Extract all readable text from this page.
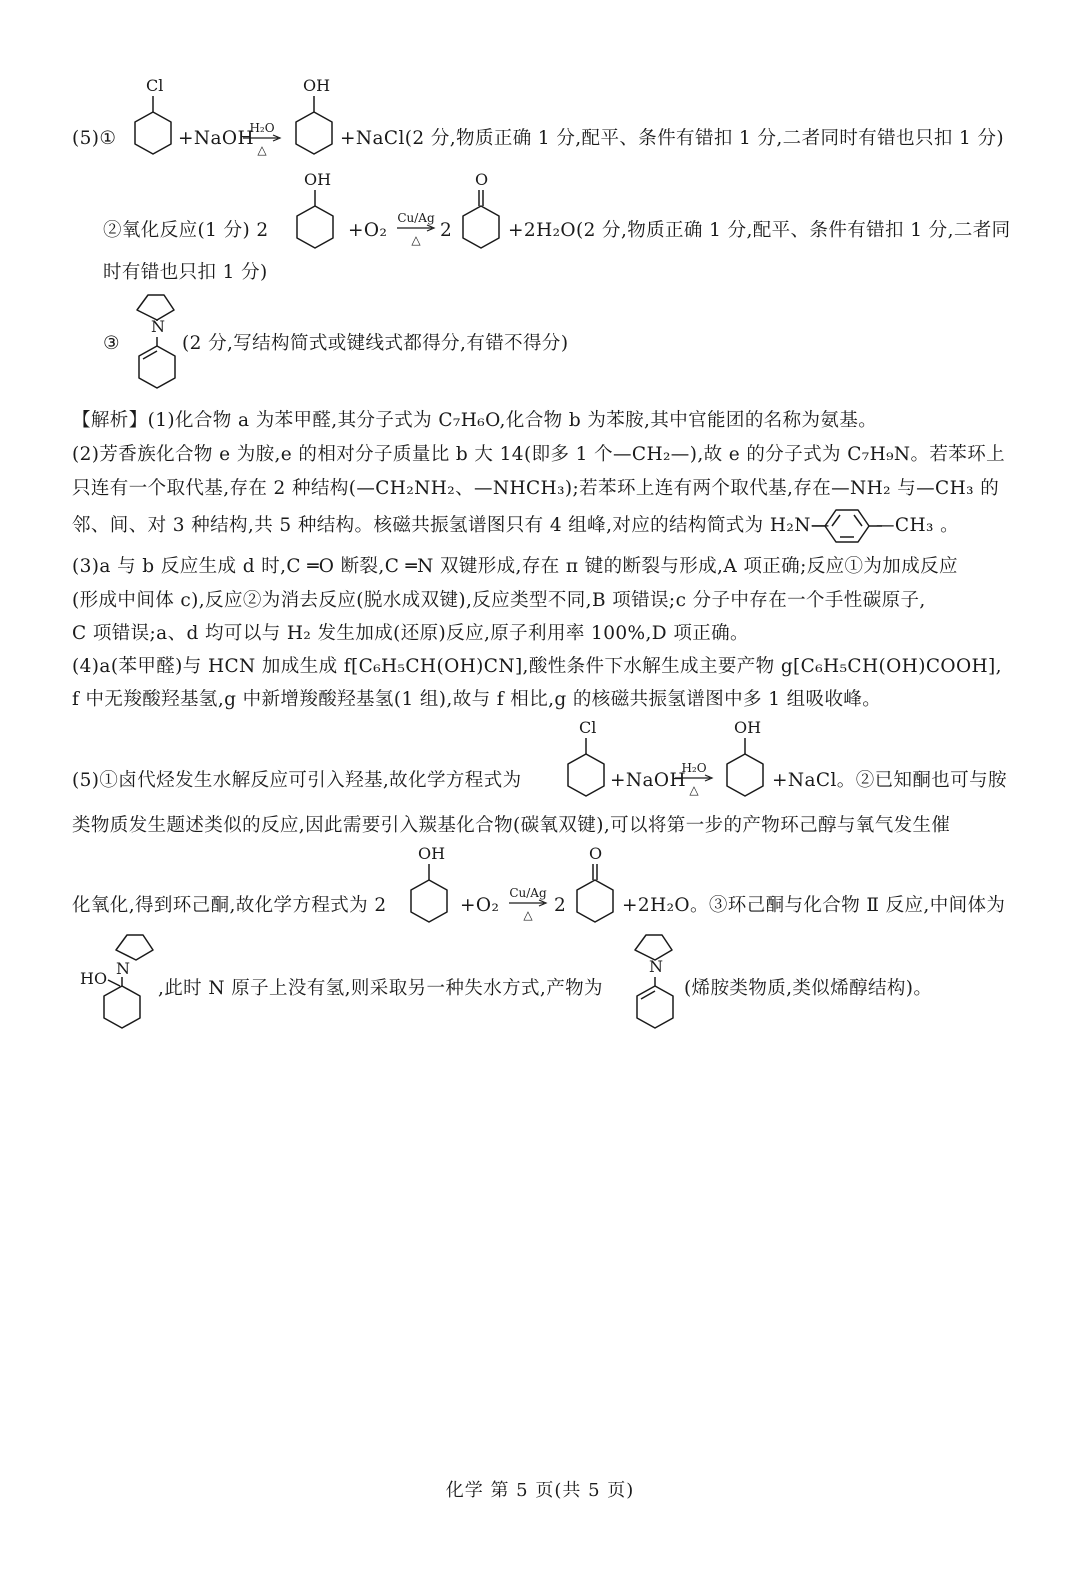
(5)①
Cl
+NaOH
H₂O
△
OH
+NaCl(2 分,物质正确 1 分,配平、条件有错扣 1 分,二者同时有错也只扣 1 分)
②氧化反应(1 分) 2
OH
+O₂
Cu/Ag
△	2
O
+2H₂O(2 分,物质正确 1 分,配平、条件有错扣 1 分,二者同
时有错也只扣 1 分)
③
N
(2 分,写结构简式或键线式都得分,有错不得分)
【解析】(1)化合物 a 为苯甲醛,其分子式为 C₇H₆O,化合物 b 为苯胺,其中官能团的名称为氨基。
(2)芳香族化合物 e 为胺,e 的相对分子质量比 b 大 14(即多 1 个—CH₂—),故 e 的分子式为 C₇H₉N。若苯环上
只连有一个取代基,存在 2 种结构(—CH₂NH₂、—NHCH₃);若苯环上连有两个取代基,存在—NH₂ 与—CH₃ 的
邻、间、对 3 种结构,共 5 种结构。核磁共振氢谱图只有 4 组峰,对应的结构简式为 H₂N—	—CH₃ 。
(3)a 与 b 反应生成 d 时,C ═O 断裂,C ═N 双键形成,存在 π 键的断裂与形成,A 项正确;反应①为加成反应
(形成中间体 c),反应②为消去反应(脱水成双键),反应类型不同,B 项错误;c 分子中存在一个手性碳原子,
C 项错误;a、d 均可以与 H₂ 发生加成(还原)反应,原子利用率 100%,D 项正确。
(4)a(苯甲醛)与 HCN 加成生成 f[C₆H₅CH(OH)CN],酸性条件下水解生成主要产物 g[C₆H₅CH(OH)COOH],
f 中无羧酸羟基氢,g 中新增羧酸羟基氢(1 组),故与 f 相比,g 的核磁共振氢谱图中多 1 组吸收峰。
(5)①卤代烃发生水解反应可引入羟基,故化学方程式为
Cl
+NaOH
H₂O
△
OH
+NaCl。②已知酮也可与胺
类物质发生题述类似的反应,因此需要引入羰基化合物(碳氧双键),可以将第一步的产物环己醇与氧气发生催
化氧化,得到环己酮,故化学方程式为 2
OH
+O₂
Cu/Ag
△	2
O
+2H₂O。③环己酮与化合物 Ⅱ 反应,中间体为
N
HO	,此时 N 原子上没有氢,则采取另一种失水方式,产物为
N
(烯胺类物质,类似烯醇结构)。
化学 第 5 页(共 5 页)
